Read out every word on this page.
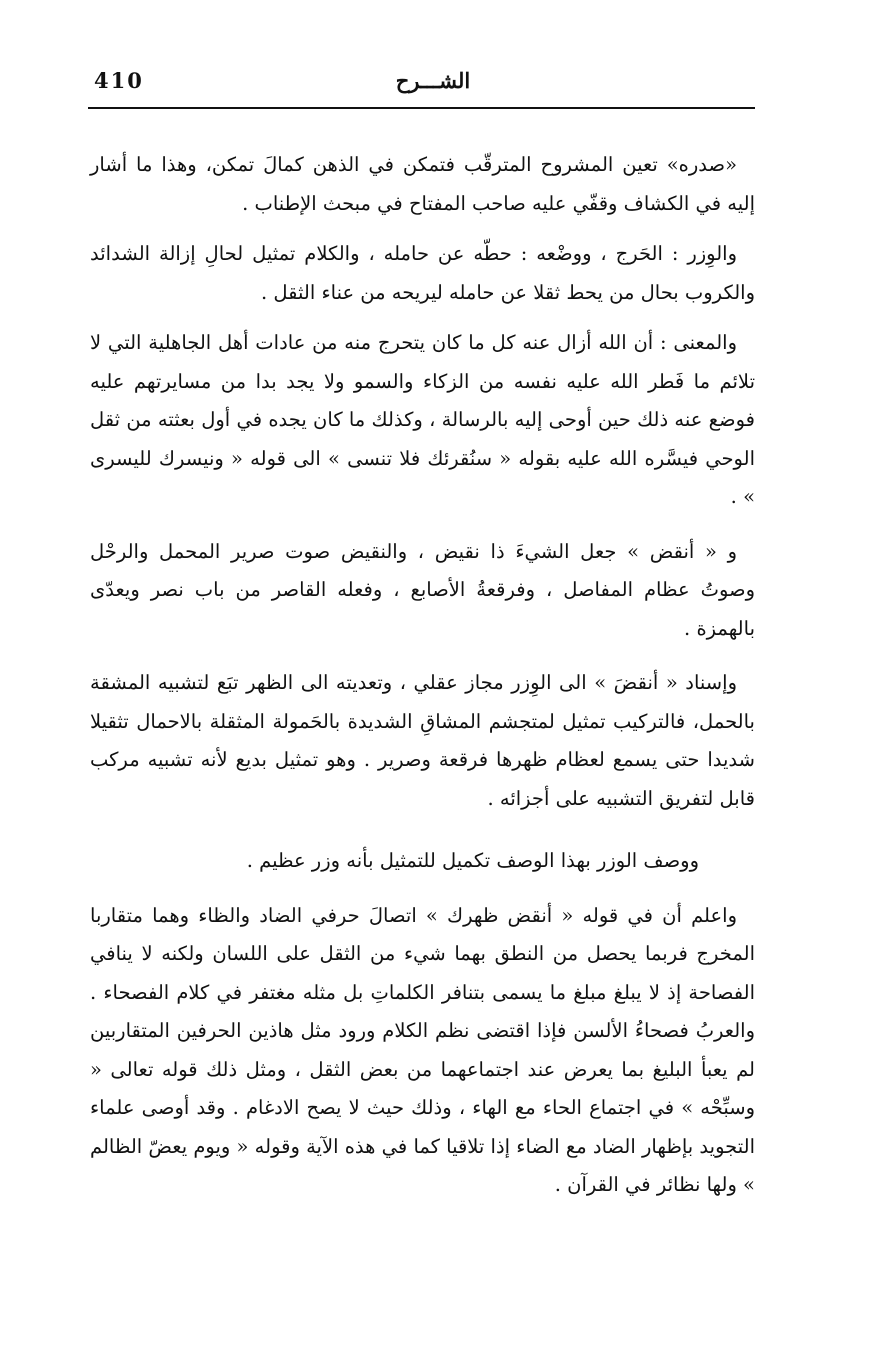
410	الشـــرح

«صدره» تعين المشروح المترقّب فتمكن في الذهن كمالَ تمكن، وهذا ما أشار إليه في الكشاف وقفّي عليه صاحب المفتاح في مبحث الإطناب .

والوِزر : الحَرج ، ووضْعه : حطّه عن حامله ، والكلام تمثيل لحالِ إزالة الشدائد والكروب بحال من يحط ثقلا عن حامله ليريحه من عناء الثقل .

والمعنى : أن الله أزال عنه كل ما كان يتحرج منه من عادات أهل الجاهلية التي لا تلائم ما فَطر الله عليه نفسه من الزكاء والسمو ولا يجد بدا من مسايرتهم عليه فوضع عنه ذلك حين أوحى إليه بالرسالة ، وكذلك ما كان يجده في أول بعثته من ثقل الوحي فيسَّره الله عليه بقوله « سنُقرئك فلا تنسى » الى قوله « ونيسرك لليسرى » .

و « أنقض » جعل الشيءَ ذا نقيض ، والنقيض صوت صرير المحمل والرحْل وصوتُ عظام المفاصل ، وفرقعةُ الأصابع ، وفعله القاصر من باب نصر ويعدّى بالهمزة .

وإسناد « أنقضَ » الى الوِزر مجاز عقلي ، وتعديته الى الظهر تبَع لتشبيه المشقة بالحمل، فالتركيب تمثيل لمتجشم المشاقِ الشديدة بالحَمولة المثقلة بالاحمال تثقيلا شديدا حتى يسمع لعظام ظهرها فرقعة وصرير . وهو تمثيل بديع لأنه تشبيه مركب قابل لتفريق التشبيه على أجزائه .

ووصف الوزر بهذا الوصف تكميل للتمثيل بأنه وزر عظيم .

واعلم أن في قوله « أنقض ظهرك » اتصالَ حرفي الضاد والظاء وهما متقاربا المخرج فربما يحصل من النطق بهما شيء من الثقل على اللسان ولكنه لا ينافي الفصاحة إذ لا يبلغ مبلغ ما يسمى بتنافر الكلماتِ بل مثله مغتفر في كلام الفصحاء . والعربُ فصحاءُ الألسن فإذا اقتضى نظم الكلام ورود مثل هاذين الحرفين المتقاربين لم يعبأ البليغ بما يعرض عند اجتماعهما من بعض الثقل ، ومثل ذلك قوله تعالى « وسبِّحْه » في اجتماع الحاء مع الهاء ، وذلك حيث لا يصح الادغام . وقد أوصى علماء التجويد بإظهار الضاد مع الضاء إذا تلاقيا كما في هذه الآية وقوله « ويوم يعضّ الظالم » ولها نظائر في القرآن .
